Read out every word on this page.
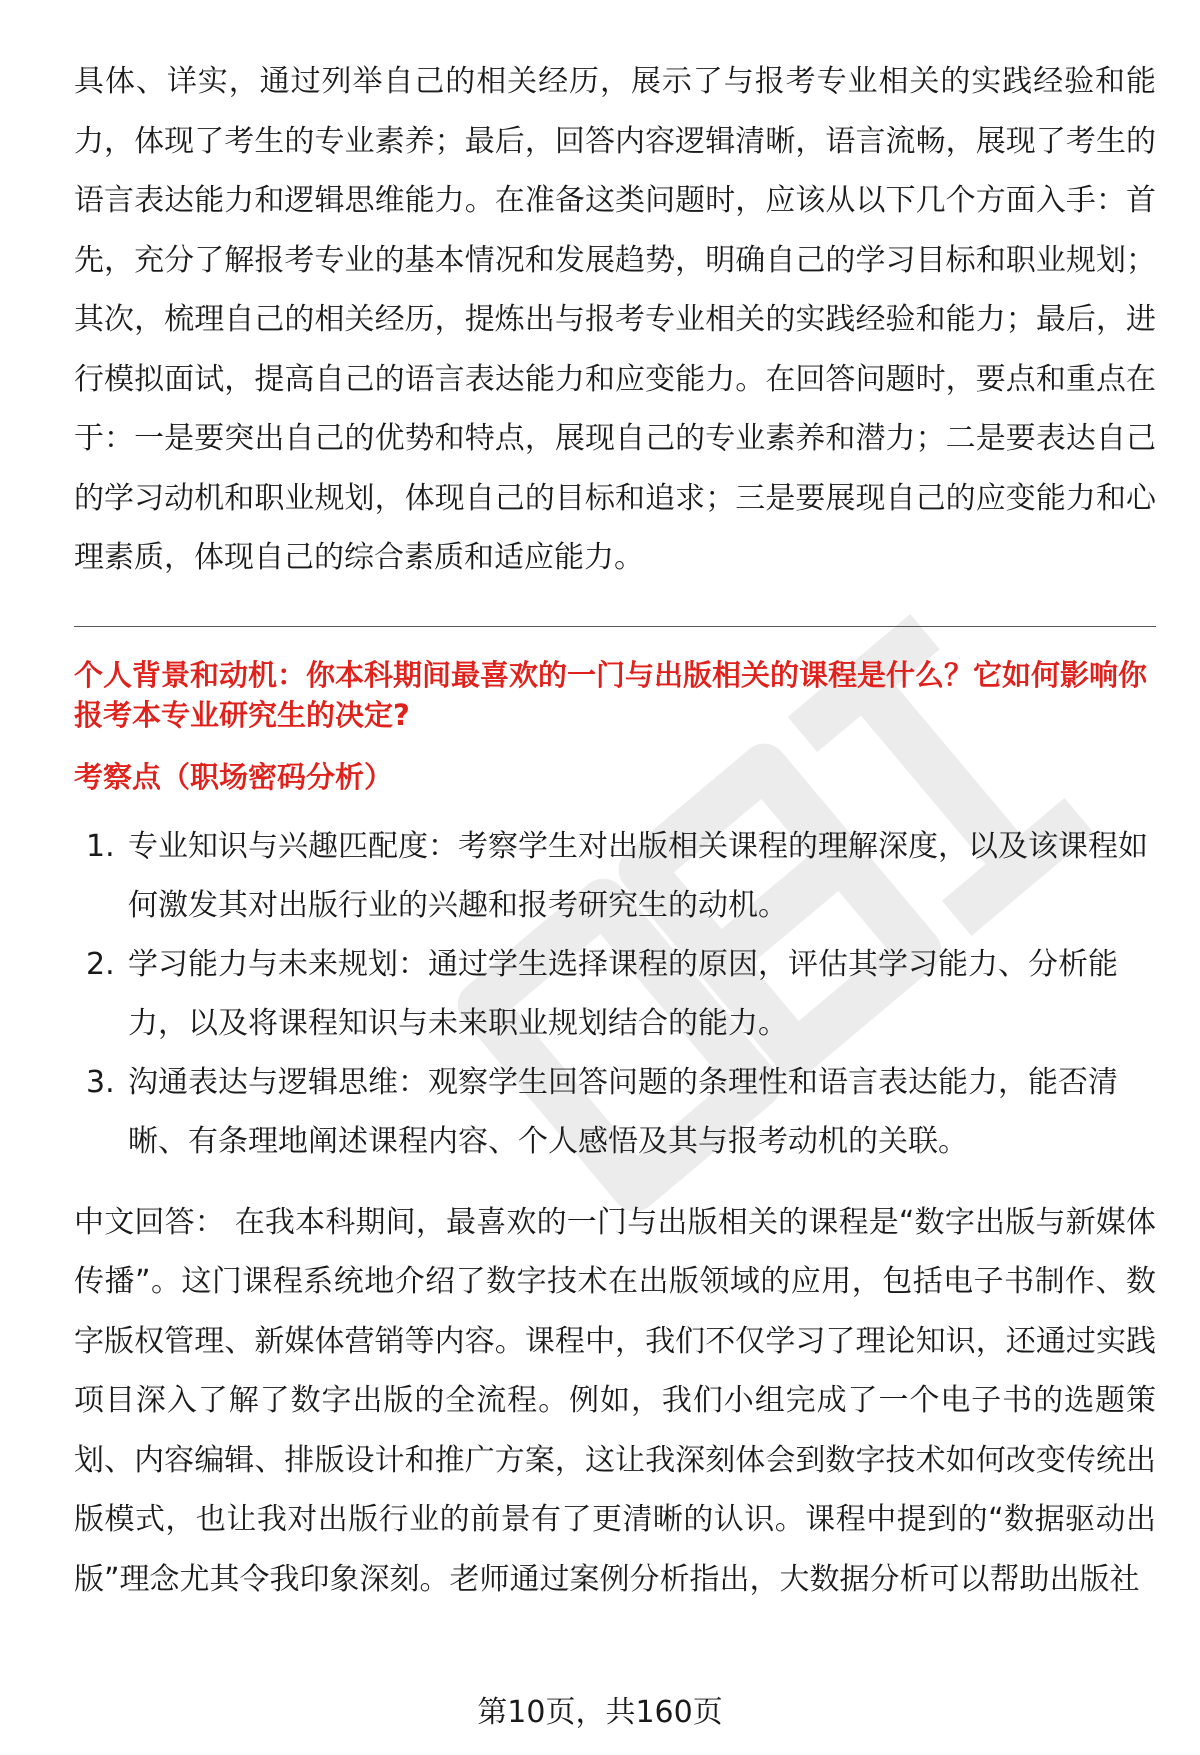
具体、详实，通过列举自己的相关经历，展示了与报考专业相关的实践经验和能力，体现了考生的专业素养；最后，回答内容逻辑清晰，语言流畅，展现了考生的语言表达能力和逻辑思维能力。在准备这类问题时，应该从以下几个方面入手：首先，充分了解报考专业的基本情况和发展趋势，明确自己的学习目标和职业规划；其次，梳理自己的相关经历，提炼出与报考专业相关的实践经验和能力；最后，进行模拟面试，提高自己的语言表达能力和应变能力。在回答问题时，要点和重点在于：一是要突出自己的优势和特点，展现自己的专业素养和潜力；二是要表达自己的学习动机和职业规划，体现自己的目标和追求；三是要展现自己的应变能力和心理素质，体现自己的综合素质和适应能力。

个人背景和动机：你本科期间最喜欢的一门与出版相关的课程是什么？它如何影响你报考本专业研究生的决定?

考察点（职场密码分析）

1. 专业知识与兴趣匹配度：考察学生对出版相关课程的理解深度，以及该课程如何激发其对出版行业的兴趣和报考研究生的动机。
2. 学习能力与未来规划：通过学生选择课程的原因，评估其学习能力、分析能力，以及将课程知识与未来职业规划结合的能力。
3. 沟通表达与逻辑思维：观察学生回答问题的条理性和语言表达能力，能否清晰、有条理地阐述课程内容、个人感悟及其与报考动机的关联。

中文回答： 在我本科期间，最喜欢的一门与出版相关的课程是“数字出版与新媒体传播”。这门课程系统地介绍了数字技术在出版领域的应用，包括电子书制作、数字版权管理、新媒体营销等内容。课程中，我们不仅学习了理论知识，还通过实践项目深入了解了数字出版的全流程。例如，我们小组完成了一个电子书的选题策划、内容编辑、排版设计和推广方案，这让我深刻体会到数字技术如何改变传统出版模式，也让我对出版行业的前景有了更清晰的认识。课程中提到的“数据驱动出版”理念尤其令我印象深刻。老师通过案例分析指出，大数据分析可以帮助出版社

第10页，共160页
